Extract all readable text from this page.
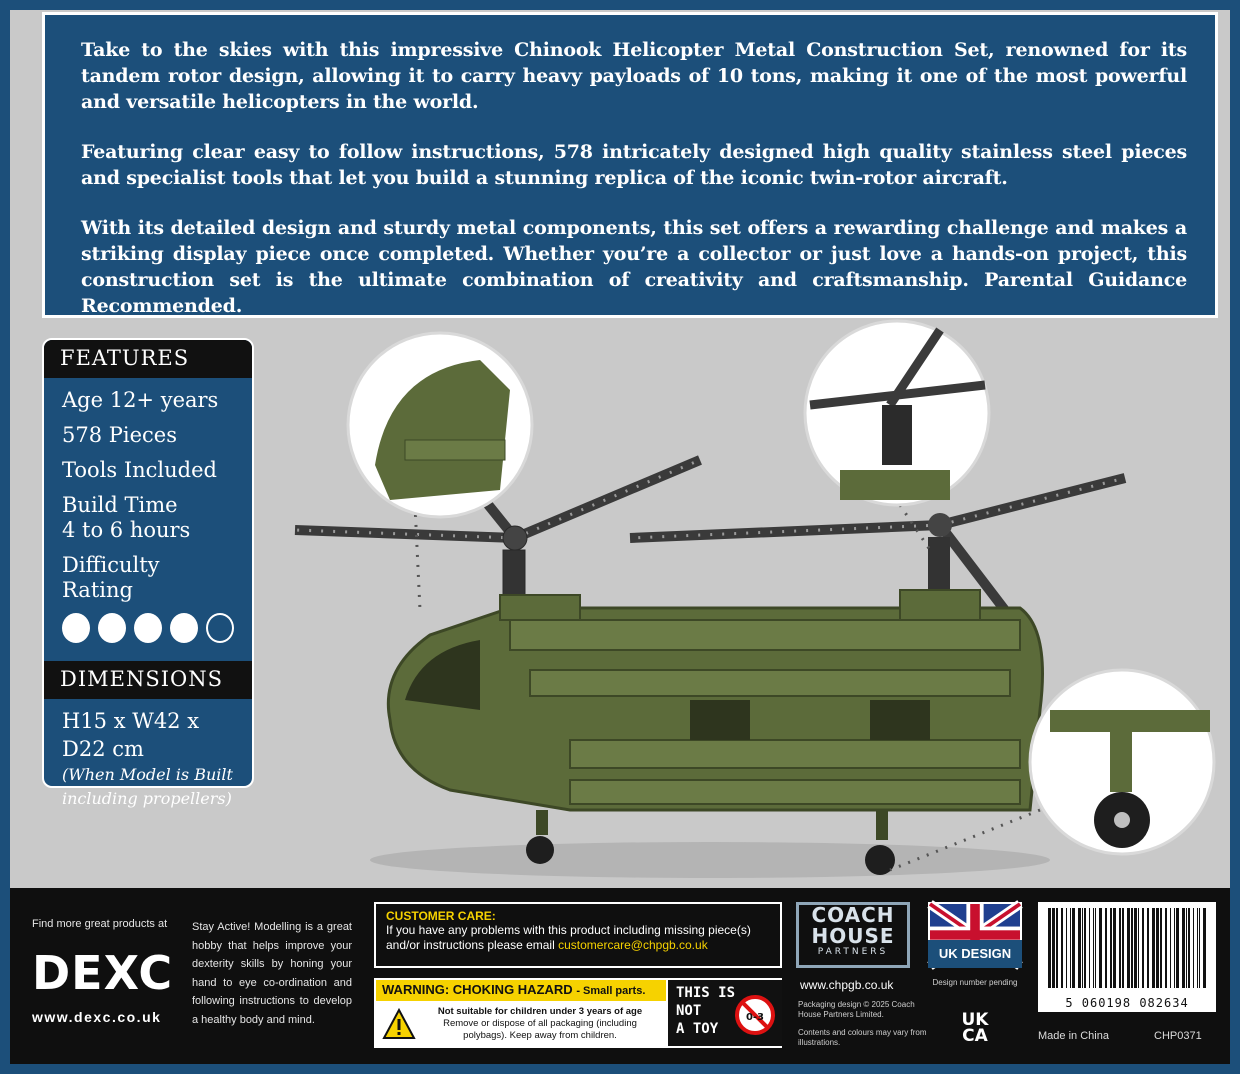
Take to the skies with this impressive Chinook Helicopter Metal Construction Set, renowned for its tandem rotor design, allowing it to carry heavy payloads of 10 tons, making it one of the most powerful and versatile helicopters in the world.

Featuring clear easy to follow instructions, 578 intricately designed high quality stainless steel pieces and specialist tools that let you build a stunning replica of the iconic twin-rotor aircraft.

With its detailed design and sturdy metal components, this set offers a rewarding challenge and makes a striking display piece once completed. Whether you’re a collector or just love a hands-on project, this construction set is the ultimate combination of creativity and craftsmanship. Parental Guidance Recommended.

FEATURES
Age 12+ years
578 Pieces
Tools Included
Build Time
4 to 6 hours
Difficulty Rating
DIMENSIONS
H15 x W42 x D22 cm
(When Model is Built
including propellers)
Find more great products at
DEXC
www.dexc.co.uk
Stay Active! Modelling is a great hobby that helps improve your dexterity skills by honing your hand to eye co-ordination and following instructions to develop a healthy body and mind.
CUSTOMER CARE:
If you have any problems with this product including missing piece(s) and/or instructions please email customercare@chpgb.co.uk
WARNING: CHOKING HAZARD - Small parts.
Not suitable for children under 3 years of age
Remove or dispose of all packaging (including polybags). Keep away from children.
THIS IS
NOT
A TOY
0-3
COACH
HOUSE
PARTNERS
www.chpgb.co.uk
Packaging design © 2025 Coach House Partners Limited.
Contents and colours may vary from illustrations.
UK DESIGN
Design number pending
UK
CA
5 060198 082634
Made in China	CHP0371
